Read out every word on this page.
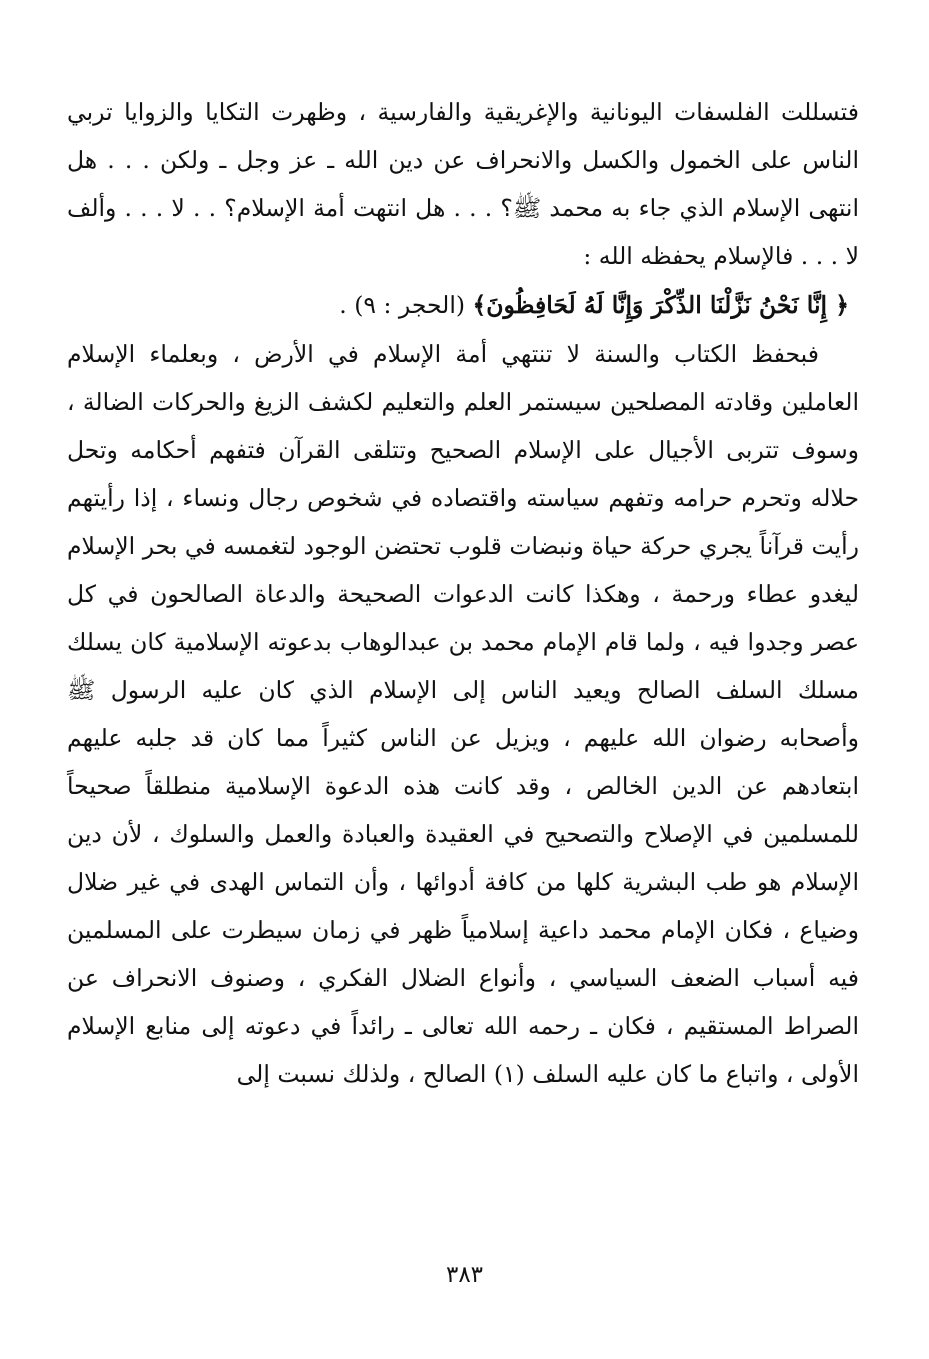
فتسللت الفلسفات اليونانية والإغريقية والفارسية ، وظهرت التكايا والزوايا تربي الناس على الخمول والكسل والانحراف عن دين الله ـ عز وجل ـ ولكن . . . هل انتهى الإسلام الذي جاء به محمد ﷺ؟ . . . هل انتهت أمة الإسلام؟ . . لا . . . وألف لا . . . فالإسلام يحفظه الله :

﴿ إِنَّا نَحْنُ نَزَّلْنَا الذِّكْرَ وَإِنَّا لَهُ لَحَافِظُونَ﴾ (الحجر : ٩) .

فبحفظ الكتاب والسنة لا تنتهي أمة الإسلام في الأرض ، وبعلماء الإسلام العاملين وقادته المصلحين سيستمر العلم والتعليم لكشف الزيغ والحركات الضالة ، وسوف تتربى الأجيال على الإسلام الصحيح وتتلقى القرآن فتفهم أحكامه وتحل حلاله وتحرم حرامه وتفهم سياسته واقتصاده في شخوص رجال ونساء ، إذا رأيتهم رأيت قرآناً يجري حركة حياة ونبضات قلوب تحتضن الوجود لتغمسه في بحر الإسلام ليغدو عطاء ورحمة ، وهكذا كانت الدعوات الصحيحة والدعاة الصالحون في كل عصر وجدوا فيه ، ولما قام الإمام محمد بن عبدالوهاب بدعوته الإسلامية كان يسلك مسلك السلف الصالح ويعيد الناس إلى الإسلام الذي كان عليه الرسول ﷺ وأصحابه رضوان الله عليهم ، ويزيل عن الناس كثيراً مما كان قد جلبه عليهم ابتعادهم عن الدين الخالص ، وقد كانت هذه الدعوة الإسلامية منطلقاً صحيحاً للمسلمين في الإصلاح والتصحيح في العقيدة والعبادة والعمل والسلوك ، لأن دين الإسلام هو طب البشرية كلها من كافة أدوائها ، وأن التماس الهدى في غير ضلال وضياع ، فكان الإمام محمد داعية إسلامياً ظهر في زمان سيطرت على المسلمين فيه أسباب الضعف السياسي ، وأنواع الضلال الفكري ، وصنوف الانحراف عن الصراط المستقيم ، فكان ـ رحمه الله تعالى ـ رائداً في دعوته إلى منابع الإسلام الأولى ، واتباع ما كان عليه السلف (١) الصالح ، ولذلك نسبت إلى

٣٨٣
